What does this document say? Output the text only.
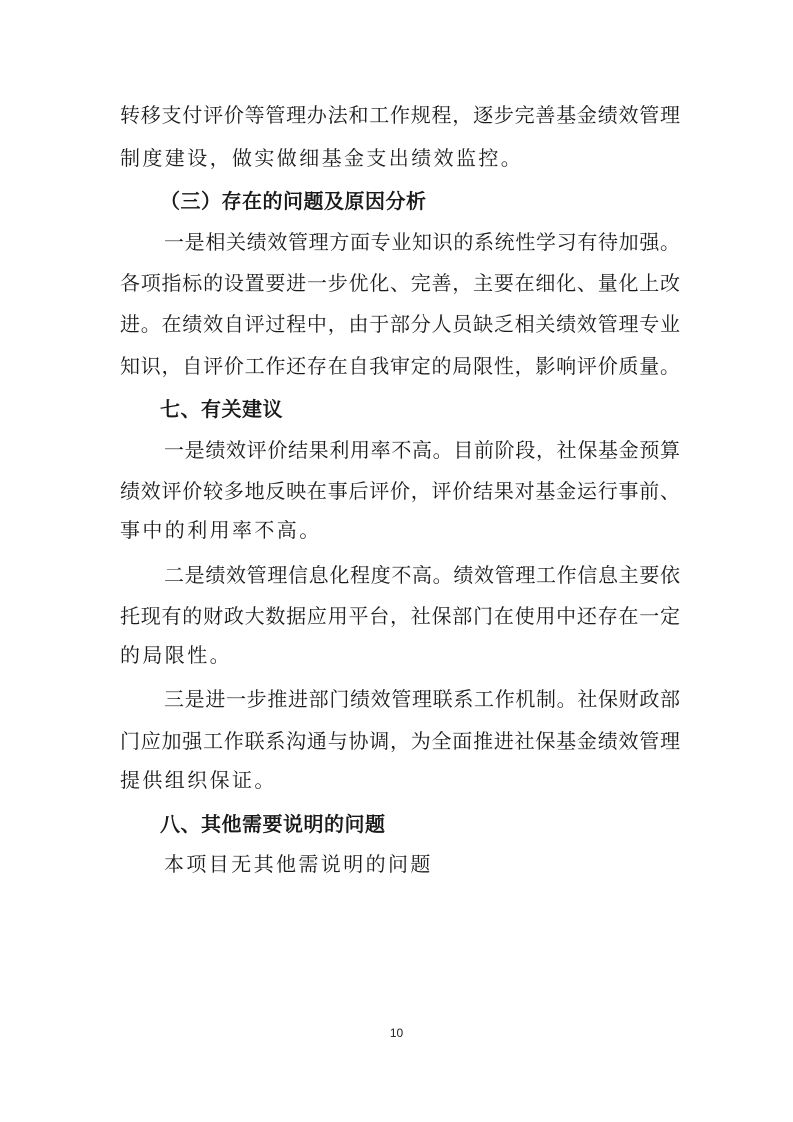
转移支付评价等管理办法和工作规程，逐步完善基金绩效管理

制度建设，做实做细基金支出绩效监控。

（三）存在的问题及原因分析

一是相关绩效管理方面专业知识的系统性学习有待加强。

各项指标的设置要进一步优化、完善，主要在细化、量化上改

进。在绩效自评过程中，由于部分人员缺乏相关绩效管理专业

知识，自评价工作还存在自我审定的局限性，影响评价质量。

七、有关建议

一是绩效评价结果利用率不高。目前阶段，社保基金预算

绩效评价较多地反映在事后评价，评价结果对基金运行事前、

事中的利用率不高。

二是绩效管理信息化程度不高。绩效管理工作信息主要依

托现有的财政大数据应用平台，社保部门在使用中还存在一定

的局限性。

三是进一步推进部门绩效管理联系工作机制。社保财政部

门应加强工作联系沟通与协调，为全面推进社保基金绩效管理

提供组织保证。

八、其他需要说明的问题

本项目无其他需说明的问题

10
